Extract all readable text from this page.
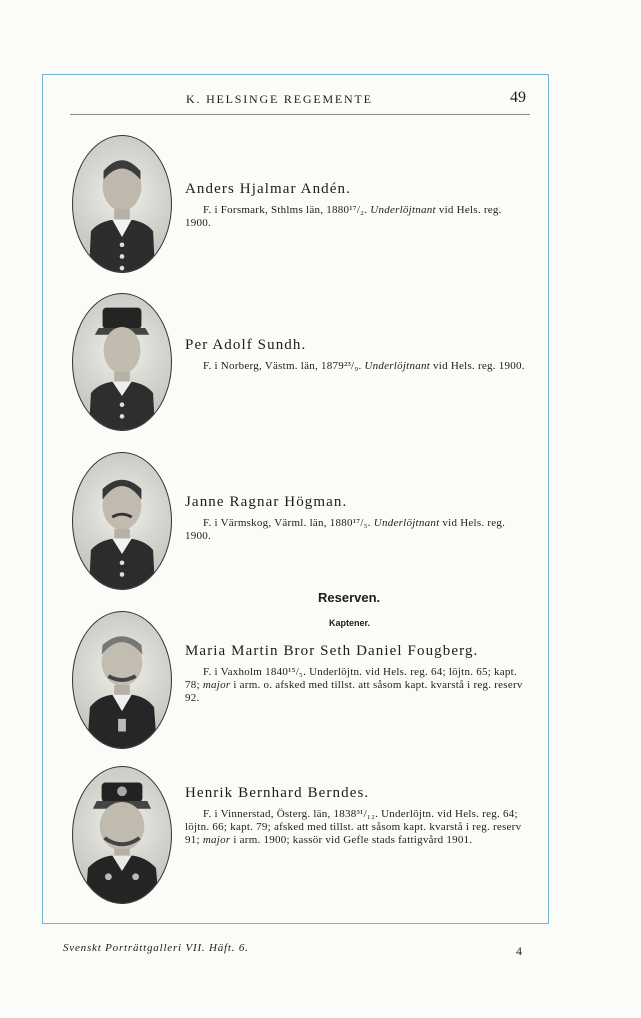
K. HELSINGE REGEMENTE	49
Anders Hjalmar Andén.
F. i Forsmark, Sthlms län, 1880¹⁷/₂. Underlöjtnant vid Hels. reg. 1900.
Per Adolf Sundh.
F. i Norberg, Västm. län, 1879²³/₉. Underlöjtnant vid Hels. reg. 1900.
Janne Ragnar Högman.
F. i Värmskog, Värml. län, 1880¹⁷/₅. Underlöjtnant vid Hels. reg. 1900.
Reserven.
Kaptener.
Maria Martin Bror Seth Daniel Fougberg.
F. i Vaxholm 1840¹⁵/₅. Underlöjtn. vid Hels. reg. 64; löjtn. 65; kapt. 78; major i arm. o. afsked med tillst. att såsom kapt. kvarstå i reg. reserv 92.
Henrik Bernhard Berndes.
F. i Vinnerstad, Österg. län, 1838³¹/₁₂. Underlöjtn. vid Hels. reg. 64; löjtn. 66; kapt. 79; afsked med tillst. att såsom kapt. kvarstå i reg. reserv 91; major i arm. 1900; kassör vid Gefle stads fattigvård 1901.
Svenskt Porträttgalleri VII. Häft. 6.	4
